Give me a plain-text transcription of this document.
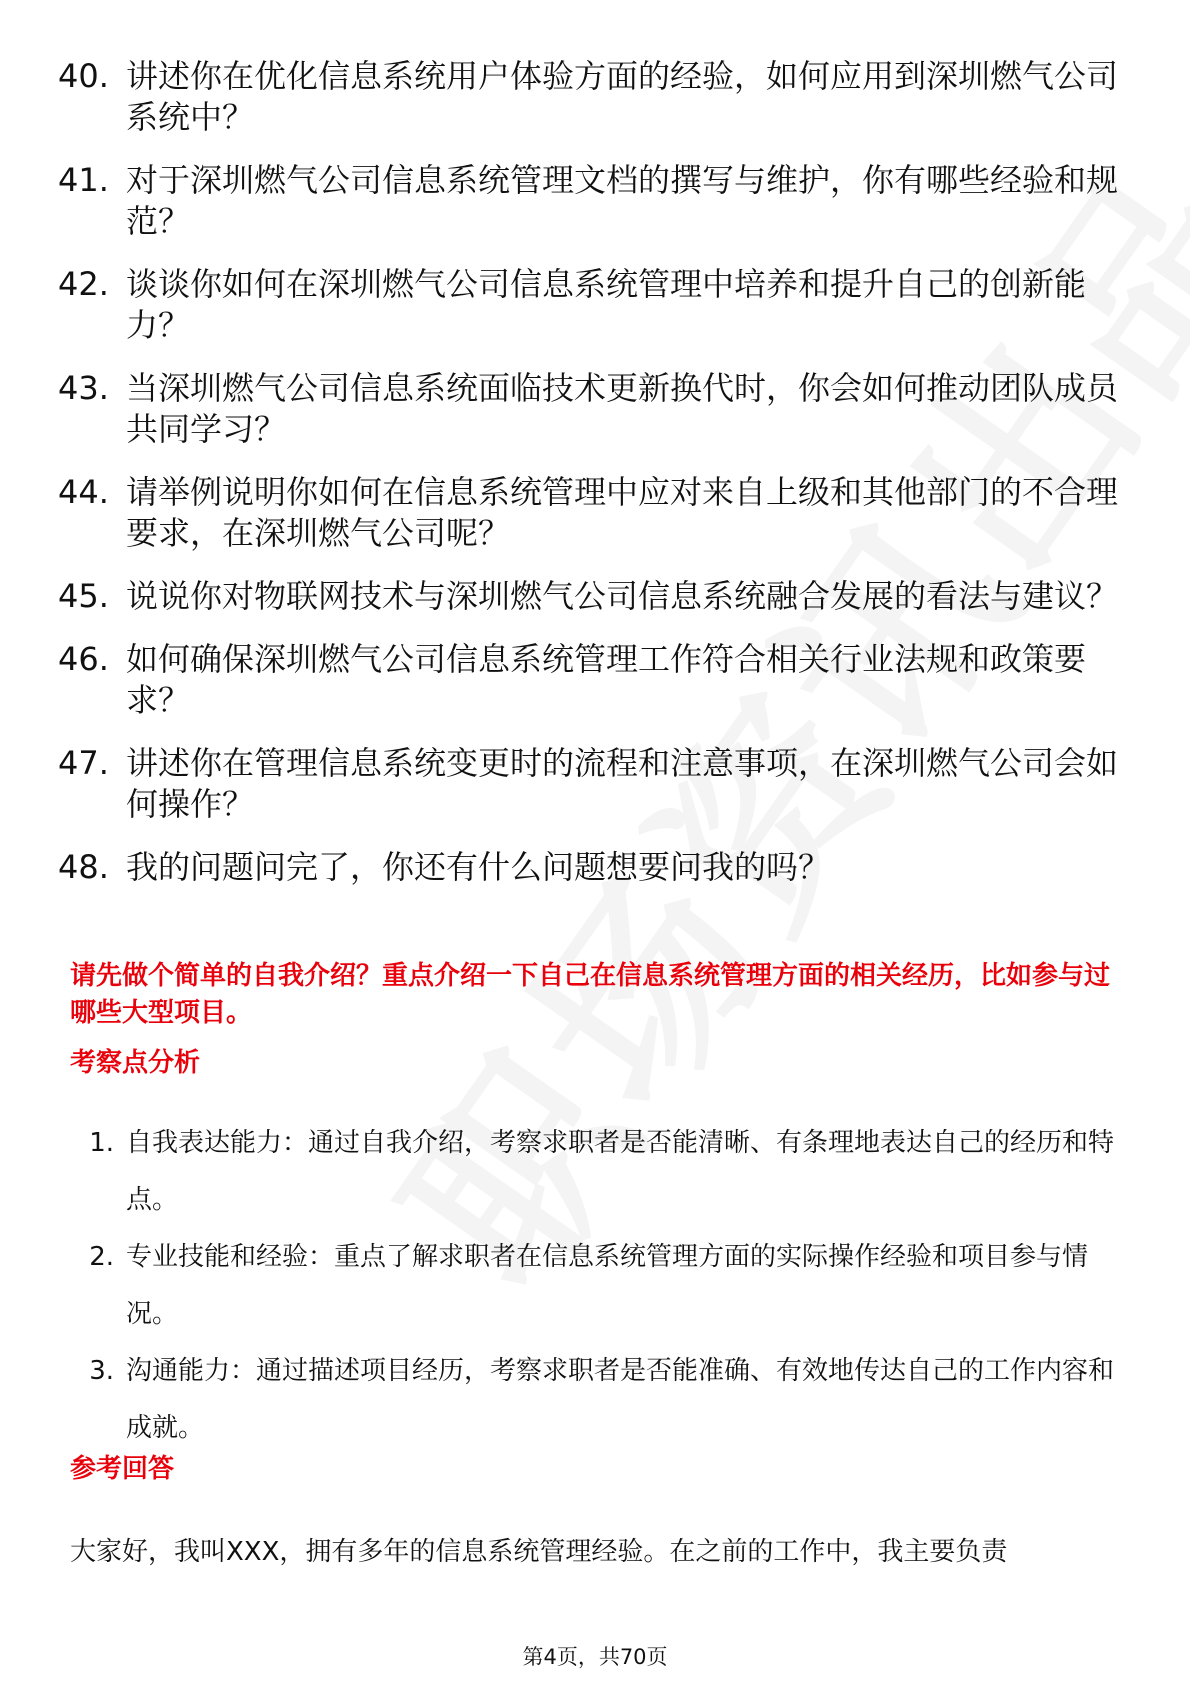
40. 讲述你在优化信息系统用户体验方面的经验，如何应用到深圳燃气公司系统中？
41. 对于深圳燃气公司信息系统管理文档的撰写与维护，你有哪些经验和规范？
42. 谈谈你如何在深圳燃气公司信息系统管理中培养和提升自己的创新能力？
43. 当深圳燃气公司信息系统面临技术更新换代时，你会如何推动团队成员共同学习？
44. 请举例说明你如何在信息系统管理中应对来自上级和其他部门的不合理要求，在深圳燃气公司呢？
45. 说说你对物联网技术与深圳燃气公司信息系统融合发展的看法与建议？
46. 如何确保深圳燃气公司信息系统管理工作符合相关行业法规和政策要求？
47. 讲述你在管理信息系统变更时的流程和注意事项，在深圳燃气公司会如何操作？
48. 我的问题问完了，你还有什么问题想要问我的吗？

请先做个简单的自我介绍？重点介绍一下自己在信息系统管理方面的相关经历，比如参与过哪些大型项目。

考察点分析
1. 自我表达能力：通过自我介绍，考察求职者是否能清晰、有条理地表达自己的经历和特点。
2. 专业技能和经验：重点了解求职者在信息系统管理方面的实际操作经验和项目参与情况。
3. 沟通能力：通过描述项目经历，考察求职者是否能准确、有效地传达自己的工作内容和成就。
参考回答

大家好，我叫XXX，拥有多年的信息系统管理经验。在之前的工作中，我主要负责

第4页，共70页
